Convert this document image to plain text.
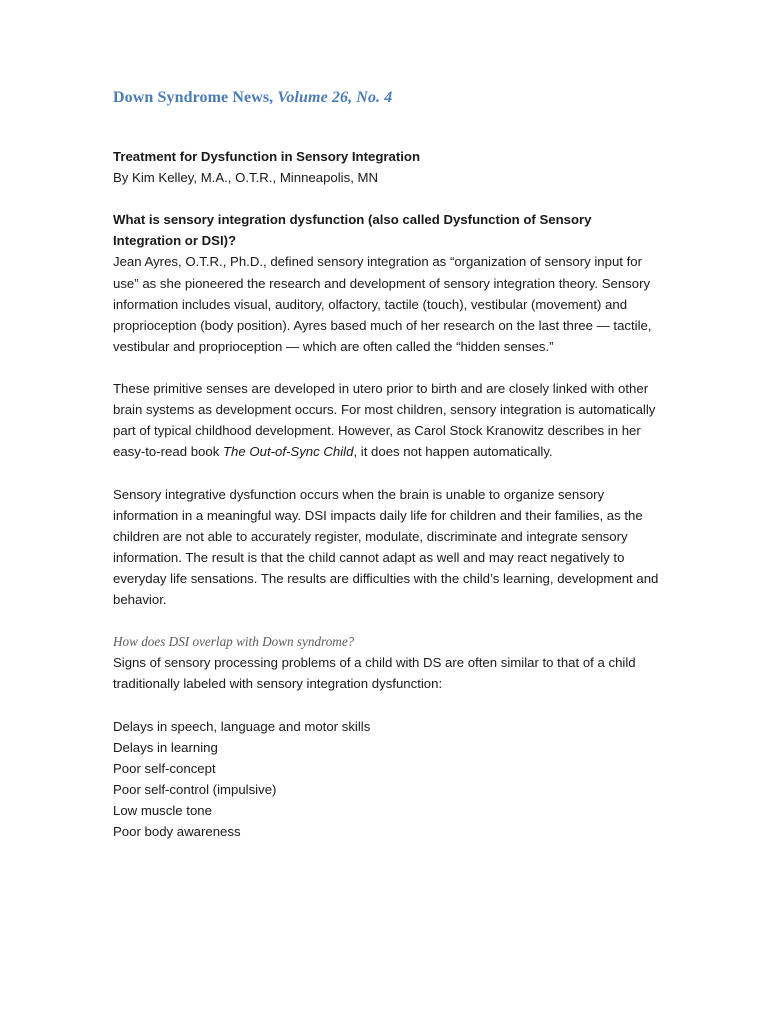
Down Syndrome News, Volume 26, No. 4

Treatment for Dysfunction in Sensory Integration

By Kim Kelley, M.A., O.T.R., Minneapolis, MN

What is sensory integration dysfunction (also called Dysfunction of Sensory Integration or DSI)?

Jean Ayres, O.T.R., Ph.D., defined sensory integration as “organization of sensory input for use” as she pioneered the research and development of sensory integration theory. Sensory information includes visual, auditory, olfactory, tactile (touch), vestibular (movement) and proprioception (body position). Ayres based much of her research on the last three — tactile, vestibular and proprioception — which are often called the “hidden senses.”

These primitive senses are developed in utero prior to birth and are closely linked with other brain systems as development occurs. For most children, sensory integration is automatically part of typical childhood development. However, as Carol Stock Kranowitz describes in her easy-to-read book The Out-of-Sync Child, it does not happen automatically.

Sensory integrative dysfunction occurs when the brain is unable to organize sensory information in a meaningful way. DSI impacts daily life for children and their families, as the children are not able to accurately register, modulate, discriminate and integrate sensory information. The result is that the child cannot adapt as well and may react negatively to everyday life sensations. The results are difficulties with the child’s learning, development and behavior.

How does DSI overlap with Down syndrome?

Signs of sensory processing problems of a child with DS are often similar to that of a child traditionally labeled with sensory integration dysfunction:

Delays in speech, language and motor skills
Delays in learning
Poor self-concept
Poor self-control (impulsive)
Low muscle tone
Poor body awareness
